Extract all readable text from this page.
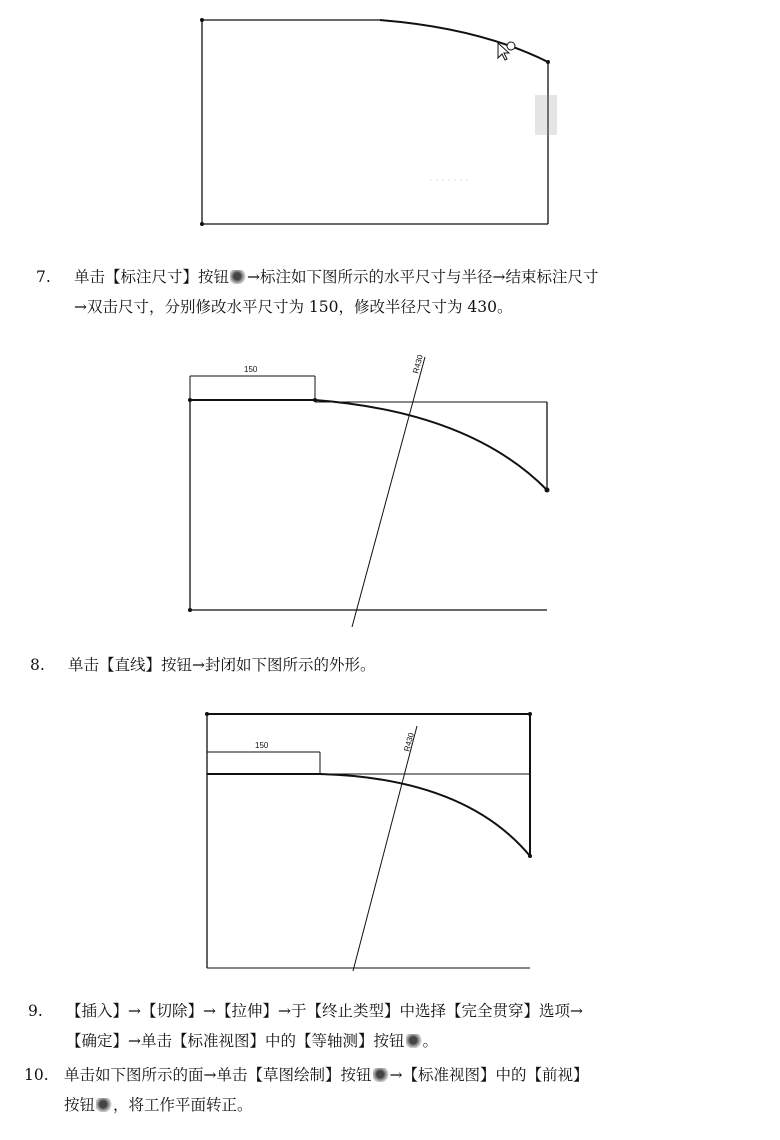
7. 单击【标注尺寸】按钮 →标注如下图所示的水平尺寸与半径→结束标注尺寸
→双击尺寸，分别修改水平尺寸为 150，修改半径尺寸为 430。
150	R430
8. 单击【直线】按钮→封闭如下图所示的外形。
150	R430
9. 【插入】→【切除】→【拉伸】→于【终止类型】中选择【完全贯穿】选项→
【确定】→单击【标准视图】中的【等轴测】按钮 。
10. 单击如下图所示的面→单击【草图绘制】按钮 →【标准视图】中的【前视】
按钮 ，将工作平面转正。
